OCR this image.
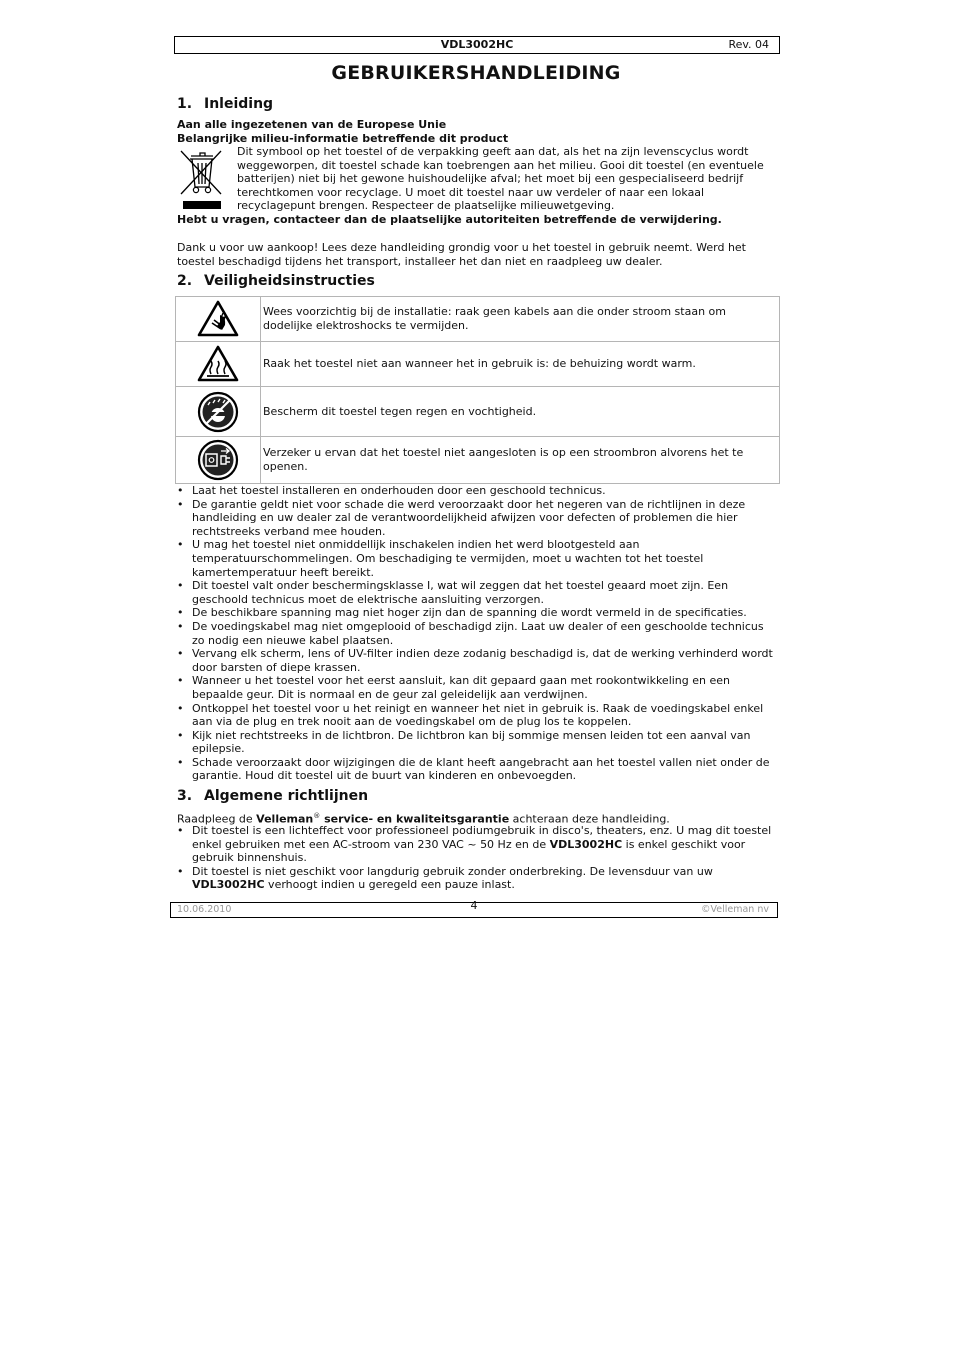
VDL3002HC	Rev. 04
GEBRUIKERSHANDLEIDING
1. Inleiding
Aan alle ingezetenen van de Europese Unie
Belangrijke milieu-informatie betreffende dit product
Dit symbool op het toestel of de verpakking geeft aan dat, als het na zijn levenscyclus wordt weggeworpen, dit toestel schade kan toebrengen aan het milieu. Gooi dit toestel (en eventuele batterijen) niet bij het gewone huishoudelijke afval; het moet bij een gespecialiseerd bedrijf terechtkomen voor recyclage. U moet dit toestel naar uw verdeler of naar een lokaal recyclagepunt brengen. Respecteer de plaatselijke milieuwetgeving.
Hebt u vragen, contacteer dan de plaatselijke autoriteiten betreffende de verwijdering.
Dank u voor uw aankoop! Lees deze handleiding grondig voor u het toestel in gebruik neemt. Werd het toestel beschadigd tijdens het transport, installeer het dan niet en raadpleeg uw dealer.
2. Veiligheidsinstructies
	Wees voorzichtig bij de installatie: raak geen kabels aan die onder stroom staan om dodelijke elektroshocks te vermijden.

	Raak het toestel niet aan wanneer het in gebruik is: de behuizing wordt warm.

	Bescherm dit toestel tegen regen en vochtigheid.

	Verzeker u ervan dat het toestel niet aangesloten is op een stroombron alvorens het te openen.
• Laat het toestel installeren en onderhouden door een geschoold technicus.
• De garantie geldt niet voor schade die werd veroorzaakt door het negeren van de richtlijnen in deze handleiding en uw dealer zal de verantwoordelijkheid afwijzen voor defecten of problemen die hier rechtstreeks verband mee houden.
• U mag het toestel niet onmiddellijk inschakelen indien het werd blootgesteld aan temperatuurschommelingen. Om beschadiging te vermijden, moet u wachten tot het toestel kamertemperatuur heeft bereikt.
• Dit toestel valt onder beschermingsklasse I, wat wil zeggen dat het toestel geaard moet zijn. Een geschoold technicus moet de elektrische aansluiting verzorgen.
• De beschikbare spanning mag niet hoger zijn dan de spanning die wordt vermeld in de specificaties.
• De voedingskabel mag niet omgeplooid of beschadigd zijn. Laat uw dealer of een geschoolde technicus zo nodig een nieuwe kabel plaatsen.
• Vervang elk scherm, lens of UV-filter indien deze zodanig beschadigd is, dat de werking verhinderd wordt door barsten of diepe krassen.
• Wanneer u het toestel voor het eerst aansluit, kan dit gepaard gaan met rookontwikkeling en een bepaalde geur. Dit is normaal en de geur zal geleidelijk aan verdwijnen.
• Ontkoppel het toestel voor u het reinigt en wanneer het niet in gebruik is. Raak de voedingskabel enkel aan via de plug en trek nooit aan de voedingskabel om de plug los te koppelen.
• Kijk niet rechtstreeks in de lichtbron. De lichtbron kan bij sommige mensen leiden tot een aanval van epilepsie.
• Schade veroorzaakt door wijzigingen die de klant heeft aangebracht aan het toestel vallen niet onder de garantie. Houd dit toestel uit de buurt van kinderen en onbevoegden.
3. Algemene richtlijnen
Raadpleeg de Velleman® service- en kwaliteitsgarantie achteraan deze handleiding.
• Dit toestel is een lichteffect voor professioneel podiumgebruik in disco's, theaters, enz. U mag dit toestel enkel gebruiken met een AC-stroom van 230 VAC ~ 50 Hz en de VDL3002HC is enkel geschikt voor gebruik binnenshuis.
• Dit toestel is niet geschikt voor langdurig gebruik zonder onderbreking. De levensduur van uw VDL3002HC verhoogt indien u geregeld een pauze inlast.
10.06.2010	4	©Velleman nv
